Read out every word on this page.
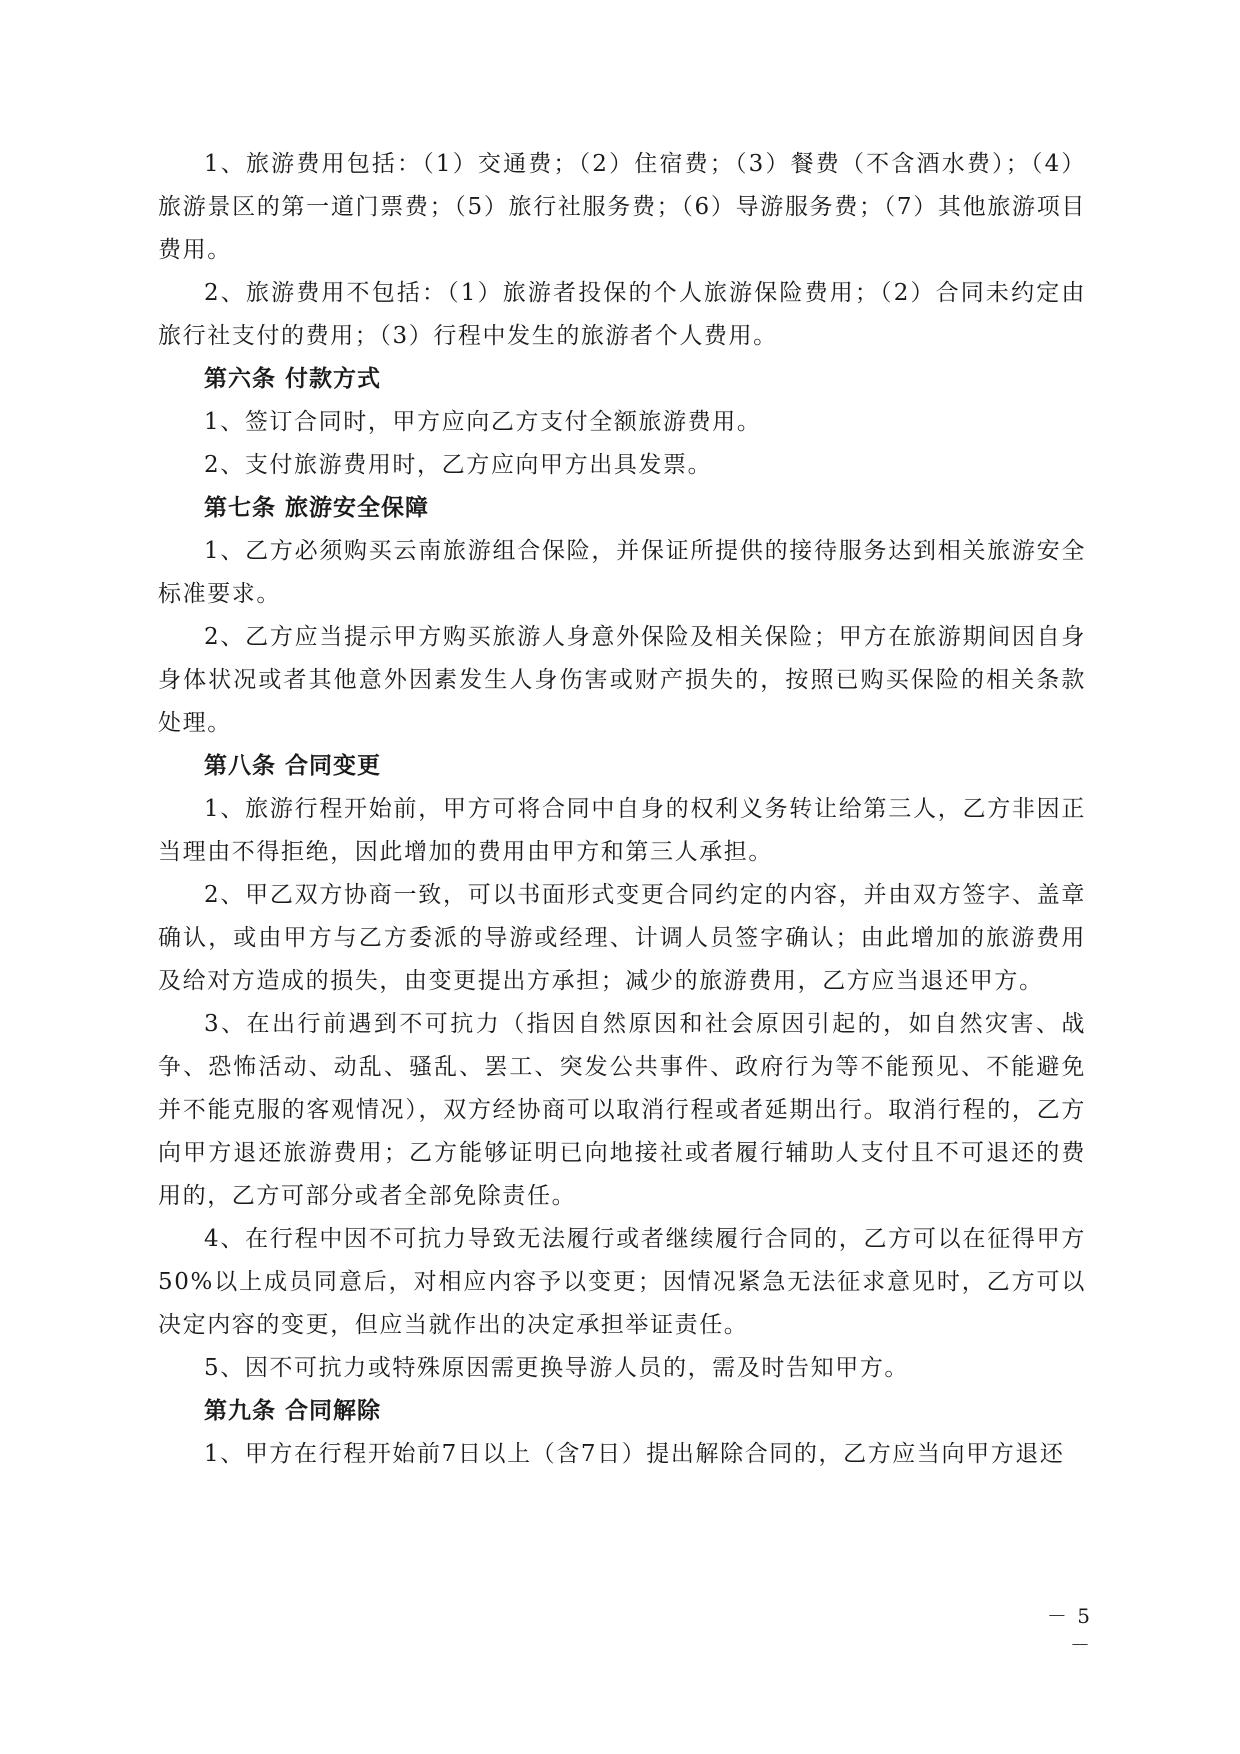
1、旅游费用包括：（1）交通费；（2）住宿费；（3）餐费（不含酒水费）；（4）旅游景区的第一道门票费；（5）旅行社服务费；（6）导游服务费；（7）其他旅游项目费用。

2、旅游费用不包括：（1）旅游者投保的个人旅游保险费用；（2）合同未约定由旅行社支付的费用；（3）行程中发生的旅游者个人费用。

第六条 付款方式

1、签订合同时，甲方应向乙方支付全额旅游费用。

2、支付旅游费用时，乙方应向甲方出具发票。

第七条 旅游安全保障

1、乙方必须购买云南旅游组合保险，并保证所提供的接待服务达到相关旅游安全标准要求。

2、乙方应当提示甲方购买旅游人身意外保险及相关保险；甲方在旅游期间因自身身体状况或者其他意外因素发生人身伤害或财产损失的，按照已购买保险的相关条款处理。

第八条 合同变更

1、旅游行程开始前，甲方可将合同中自身的权利义务转让给第三人，乙方非因正当理由不得拒绝，因此增加的费用由甲方和第三人承担。

2、甲乙双方协商一致，可以书面形式变更合同约定的内容，并由双方签字、盖章确认，或由甲方与乙方委派的导游或经理、计调人员签字确认；由此增加的旅游费用及给对方造成的损失，由变更提出方承担；减少的旅游费用，乙方应当退还甲方。

3、在出行前遇到不可抗力（指因自然原因和社会原因引起的，如自然灾害、战争、恐怖活动、动乱、骚乱、罢工、突发公共事件、政府行为等不能预见、不能避免并不能克服的客观情况），双方经协商可以取消行程或者延期出行。取消行程的，乙方向甲方退还旅游费用；乙方能够证明已向地接社或者履行辅助人支付且不可退还的费用的，乙方可部分或者全部免除责任。

4、在行程中因不可抗力导致无法履行或者继续履行合同的，乙方可以在征得甲方50%以上成员同意后，对相应内容予以变更；因情况紧急无法征求意见时，乙方可以决定内容的变更，但应当就作出的决定承担举证责任。

5、因不可抗力或特殊原因需更换导游人员的，需及时告知甲方。

第九条 合同解除

1、甲方在行程开始前7日以上（含7日）提出解除合同的，乙方应当向甲方退还

－ 5 －
